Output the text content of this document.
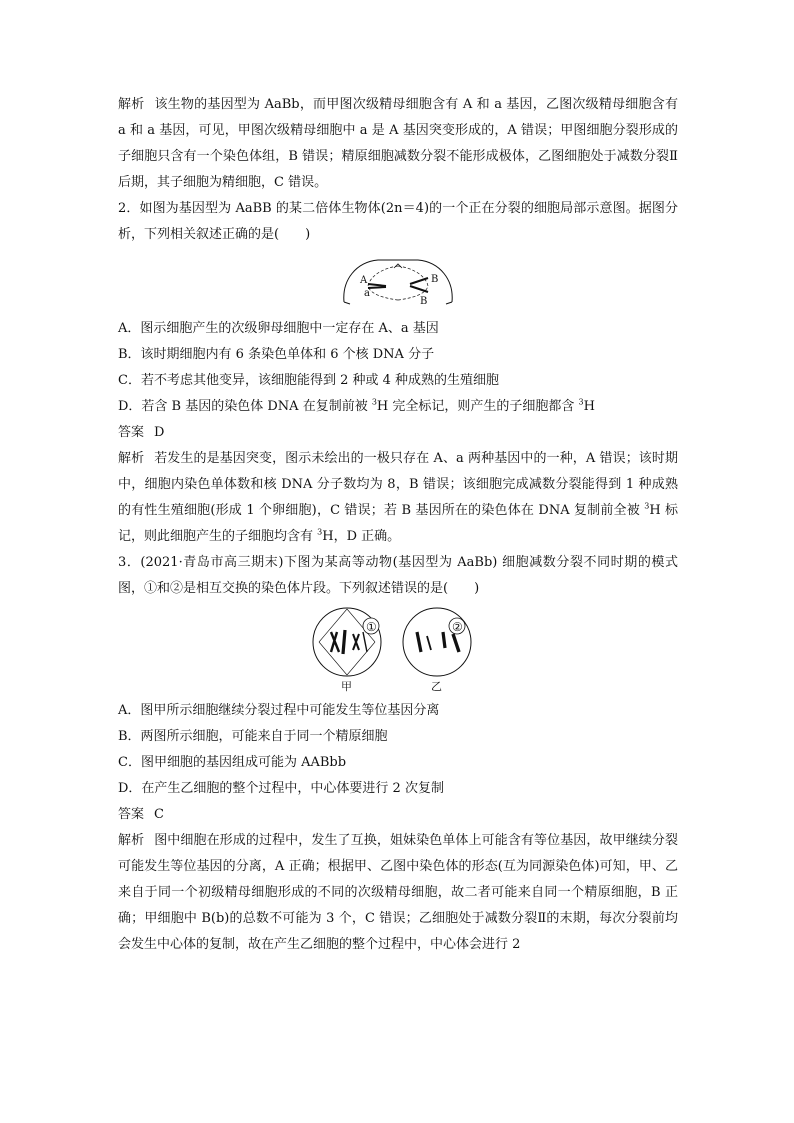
解析 该生物的基因型为 AaBb，而甲图次级精母细胞含有 A 和 a 基因，乙图次级精母细胞含有 a 和 a 基因，可见，甲图次级精母细胞中 a 是 A 基因突变形成的，A 错误；甲图细胞分裂形成的子细胞只含有一个染色体组，B 错误；精原细胞减数分裂不能形成极体，乙图细胞处于减数分裂Ⅱ后期，其子细胞为精细胞，C 错误。

2．如图为基因型为 AaBB 的某二倍体生物体(2n＝4)的一个正在分裂的细胞局部示意图。据图分析，下列相关叙述正确的是(　　)

A
a
B
B

A．图示细胞产生的次级卵母细胞中一定存在 A、a 基因

B．该时期细胞内有 6 条染色单体和 6 个核 DNA 分子

C．若不考虑其他变异，该细胞能得到 2 种或 4 种成熟的生殖细胞

D．若含 B 基因的染色体 DNA 在复制前被 $^3$H 完全标记，则产生的子细胞都含 $^3$H

答案 D

解析 若发生的是基因突变，图示未绘出的一极只存在 A、a 两种基因中的一种，A 错误；该时期中，细胞内染色单体数和核 DNA 分子数均为 8，B 错误；该细胞完成减数分裂能得到 1 种成熟的有性生殖细胞(形成 1 个卵细胞)，C 错误；若 B 基因所在的染色体在 DNA 复制前全被 $^3$H 标记，则此细胞产生的子细胞均含有 $^3$H，D 正确。

3．(2021·青岛市高三期末)下图为某高等动物(基因型为 AaBb) 细胞减数分裂不同时期的模式图，①和②是相互交换的染色体片段。下列叙述错误的是(　　)

①	②
甲	乙

A．图甲所示细胞继续分裂过程中可能发生等位基因分离

B．两图所示细胞，可能来自于同一个精原细胞

C．图甲细胞的基因组成可能为 AABbb

D．在产生乙细胞的整个过程中，中心体要进行 2 次复制

答案 C

解析 图中细胞在形成的过程中，发生了互换，姐妹染色单体上可能含有等位基因，故甲继续分裂可能发生等位基因的分离，A 正确；根据甲、乙图中染色体的形态(互为同源染色体)可知，甲、乙来自于同一个初级精母细胞形成的不同的次级精母细胞，故二者可能来自同一个精原细胞，B 正确；甲细胞中 B(b)的总数不可能为 3 个，C 错误；乙细胞处于减数分裂Ⅱ的末期，每次分裂前均会发生中心体的复制，故在产生乙细胞的整个过程中，中心体会进行 2
